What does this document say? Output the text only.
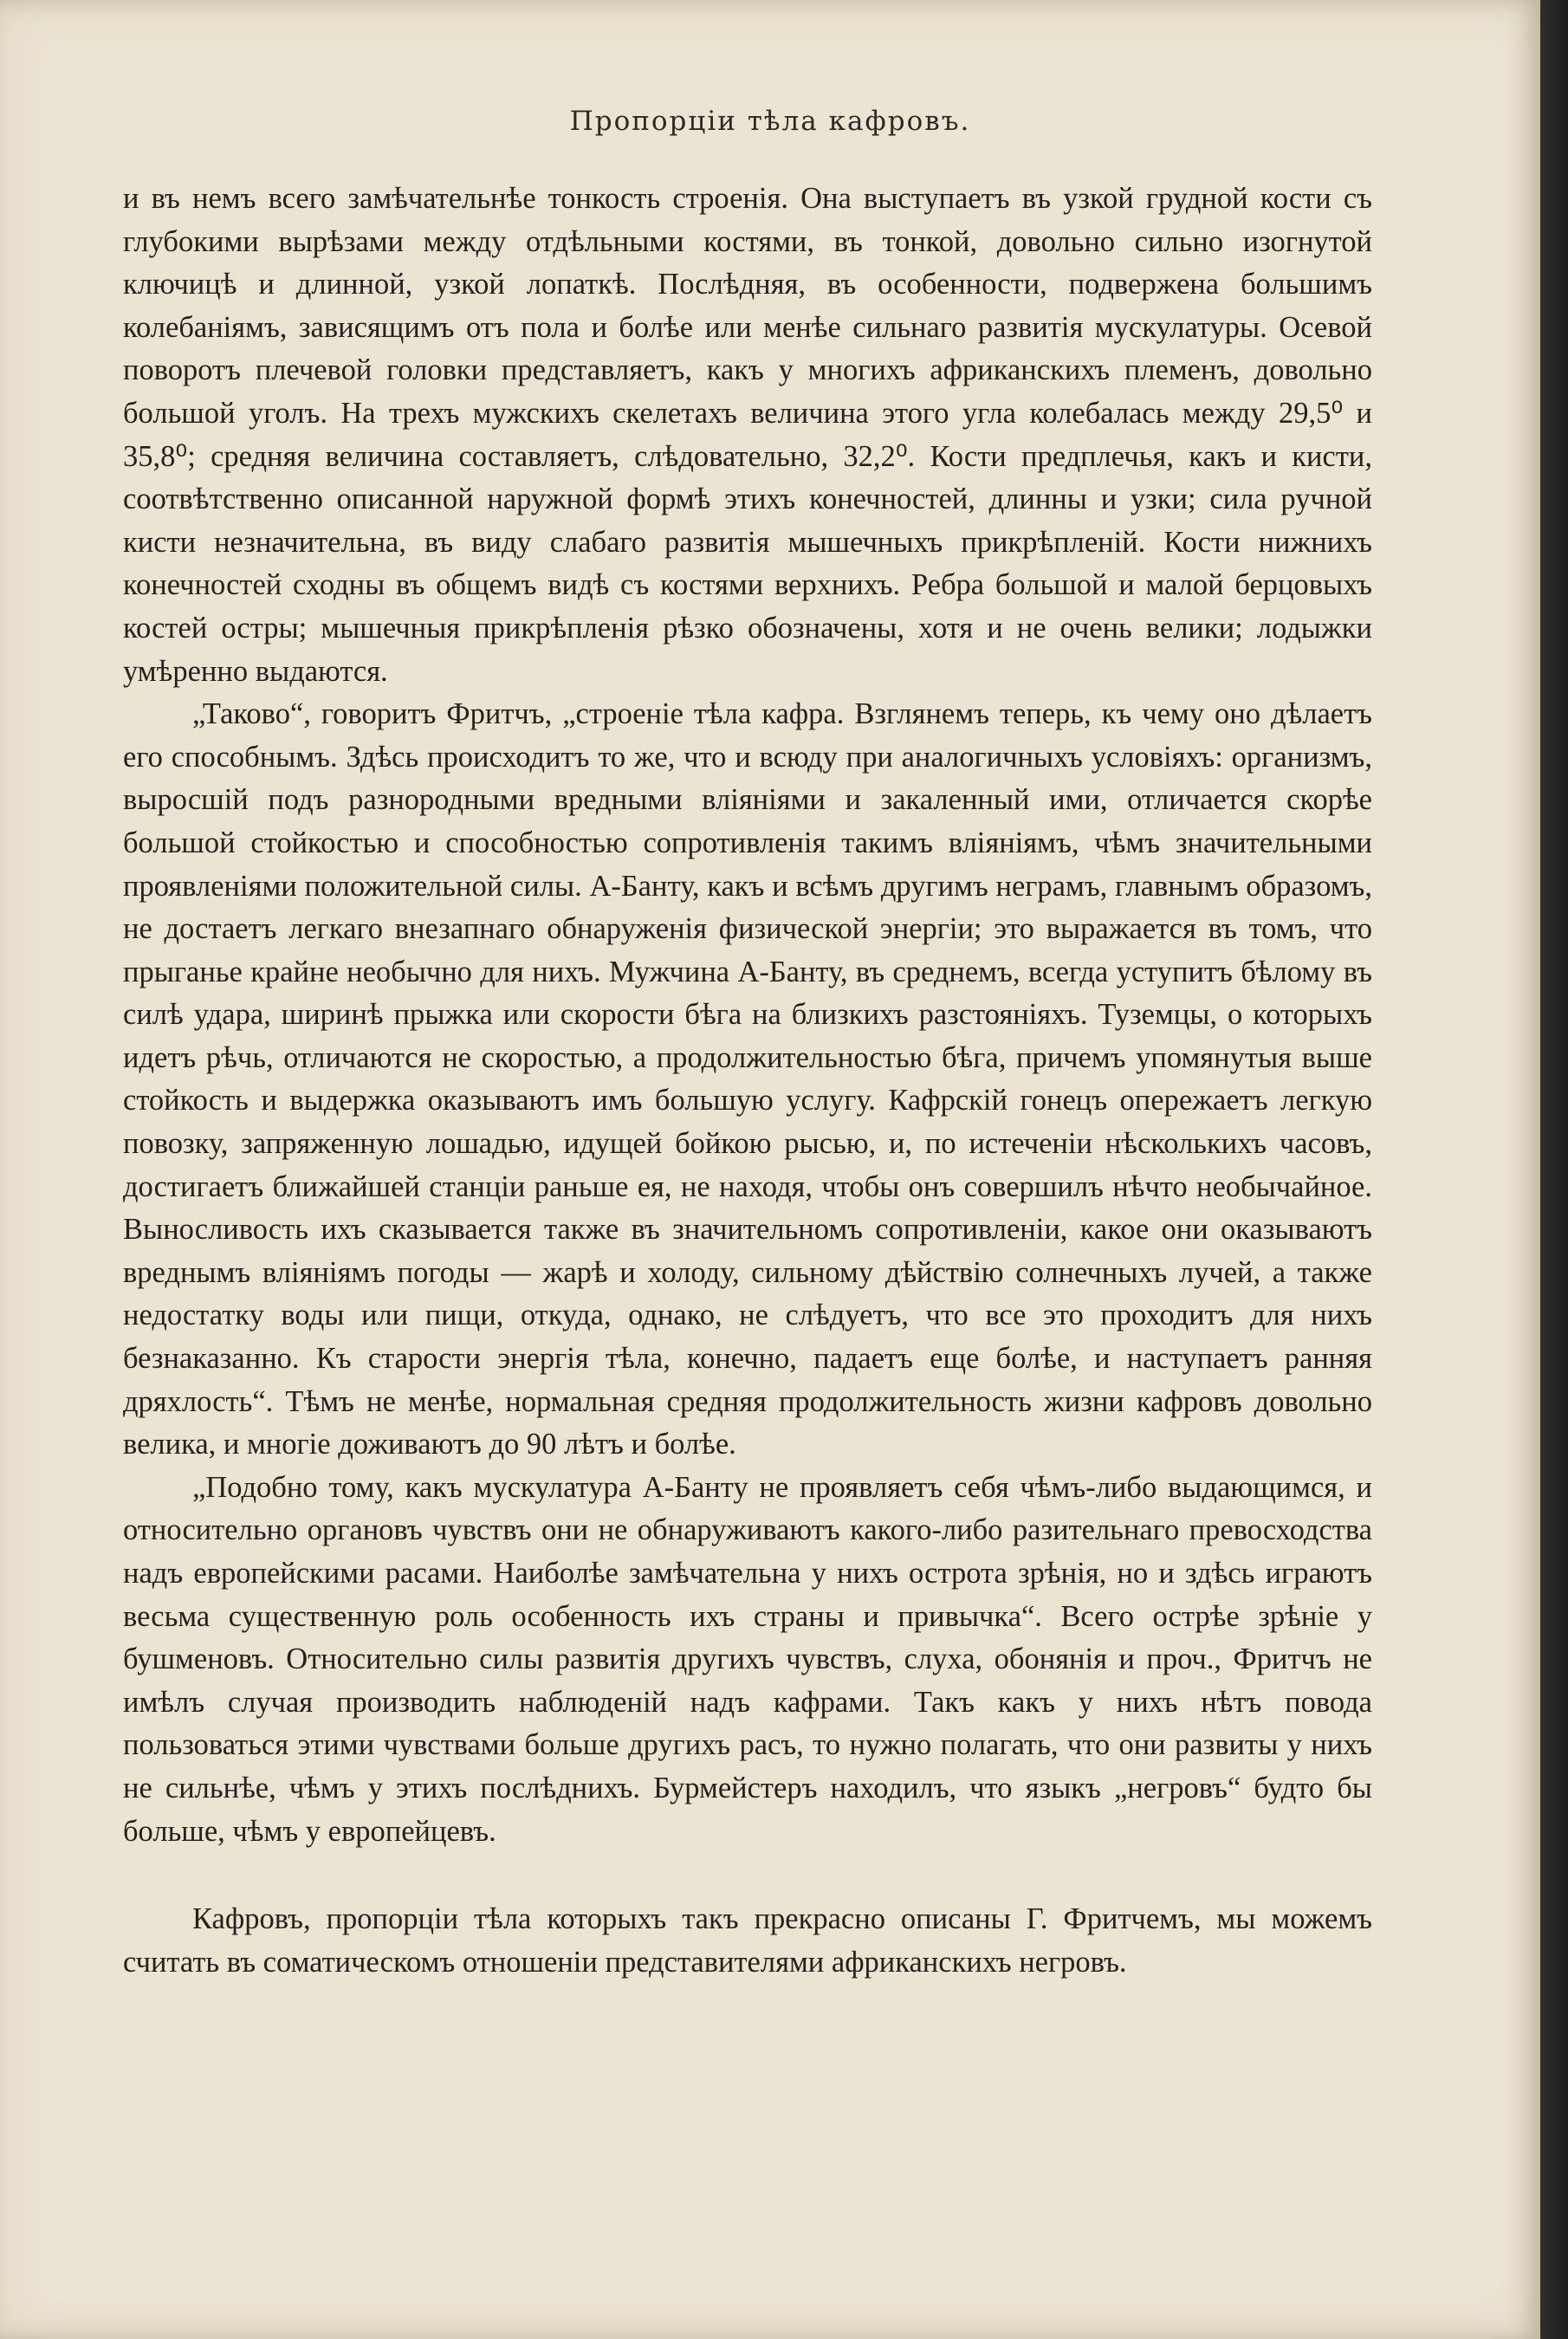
Пропорціи тѣла кафровъ.

и въ немъ всего замѣчательнѣе тонкость строенія. Она выступаетъ въ узкой грудной кости съ глубокими вырѣзами между отдѣльными костями, въ тонкой, довольно сильно изогнутой ключицѣ и длинной, узкой лопаткѣ. Послѣдняя, въ особенности, подвержена большимъ колебаніямъ, зависящимъ отъ пола и болѣе или менѣе сильнаго развитія мускулатуры. Осевой поворотъ плечевой головки представляетъ, какъ у многихъ африканскихъ племенъ, довольно большой уголъ. На трехъ мужскихъ скелетахъ величина этого угла колебалась между 29,5⁰ и 35,8⁰; средняя величина составляетъ, слѣдовательно, 32,2⁰. Кости предплечья, какъ и кисти, соотвѣтственно описанной наружной формѣ этихъ конечностей, длинны и узки; сила ручной кисти незначительна, въ виду слабаго развитія мышечныхъ прикрѣпленій. Кости нижнихъ конечностей сходны въ общемъ видѣ съ костями верхнихъ. Ребра большой и малой берцовыхъ костей остры; мышечныя прикрѣпленія рѣзко обозначены, хотя и не очень велики; лодыжки умѣренно выдаются.

„Таково“, говоритъ Фритчъ, „строеніе тѣла кафра. Взглянемъ теперь, къ чему оно дѣлаетъ его способнымъ. Здѣсь происходитъ то же, что и всюду при аналогичныхъ условіяхъ: организмъ, выросшій подъ разнородными вредными вліяніями и закаленный ими, отличается скорѣе большой стойкостью и способностью сопротивленія такимъ вліяніямъ, чѣмъ значительными проявленіями положительной силы. А-Банту, какъ и всѣмъ другимъ неграмъ, главнымъ образомъ, не достаетъ легкаго внезапнаго обнаруженія физической энергіи; это выражается въ томъ, что прыганье крайне необычно для нихъ. Мужчина А-Банту, въ среднемъ, всегда уступитъ бѣлому въ силѣ удара, ширинѣ прыжка или скорости бѣга на близкихъ разстояніяхъ. Туземцы, о которыхъ идетъ рѣчь, отличаются не скоростью, а продолжительностью бѣга, причемъ упомянутыя выше стойкость и выдержка оказываютъ имъ большую услугу. Кафрскій гонецъ опережаетъ легкую повозку, запряженную лошадью, идущей бойкою рысью, и, по истеченіи нѣсколькихъ часовъ, достигаетъ ближайшей станціи раньше ея, не находя, чтобы онъ совершилъ нѣчто необычайное. Выносливость ихъ сказывается также въ значительномъ сопротивленіи, какое они оказываютъ вреднымъ вліяніямъ погоды — жарѣ и холоду, сильному дѣйствію солнечныхъ лучей, а также недостатку воды или пищи, откуда, однако, не слѣдуетъ, что все это проходитъ для нихъ безнаказанно. Къ старости энергія тѣла, конечно, падаетъ еще болѣе, и наступаетъ ранняя дряхлость“. Тѣмъ не менѣе, нормальная средняя продолжительность жизни кафровъ довольно велика, и многіе доживаютъ до 90 лѣтъ и болѣе.

„Подобно тому, какъ мускулатура А-Банту не проявляетъ себя чѣмъ-либо выдающимся, и относительно органовъ чувствъ они не обнаруживаютъ какого-либо разительнаго превосходства надъ европейскими расами. Наиболѣе замѣчательна у нихъ острота зрѣнія, но и здѣсь играютъ весьма существенную роль особенность ихъ страны и привычка“. Всего острѣе зрѣніе у бушменовъ. Относительно силы развитія другихъ чувствъ, слуха, обонянія и проч., Фритчъ не имѣлъ случая производить наблюденій надъ кафрами. Такъ какъ у нихъ нѣтъ повода пользоваться этими чувствами больше другихъ расъ, то нужно полагать, что они развиты у нихъ не сильнѣе, чѣмъ у этихъ послѣднихъ. Бурмейстеръ находилъ, что языкъ „негровъ“ будто бы больше, чѣмъ у европейцевъ.

Кафровъ, пропорціи тѣла которыхъ такъ прекрасно описаны Г. Фритчемъ, мы можемъ считать въ соматическомъ отношеніи представителями африканскихъ негровъ.
